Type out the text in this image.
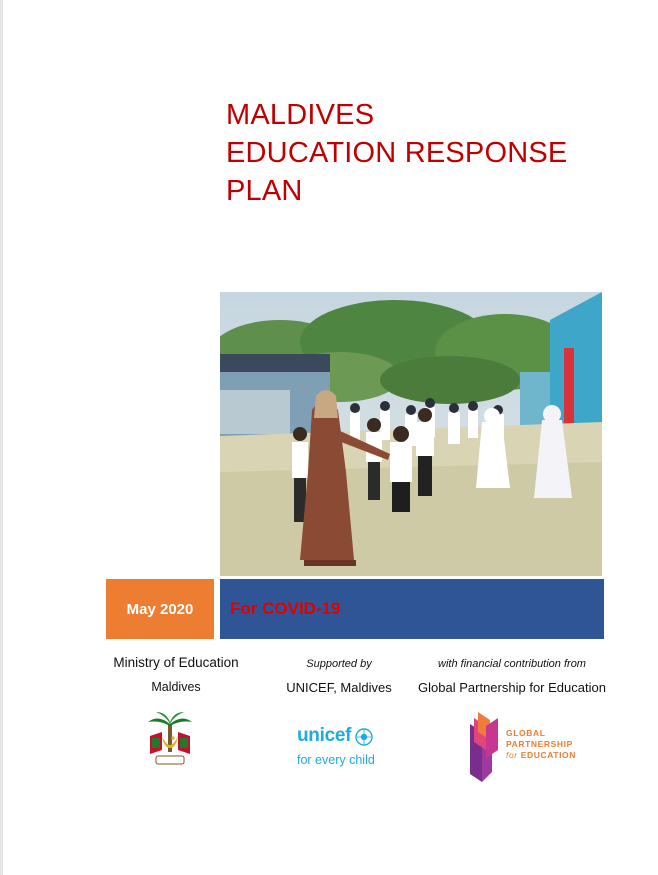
MALDIVES
EDUCATION RESPONSE
PLAN
May 2020	For COVID-19
Ministry of Education
Maldives
Supported by
UNICEF, Maldives
with financial contribution from
Global Partnership for Education
unicef
for every child
GLOBAL
PARTNERSHIP
for EDUCATION
